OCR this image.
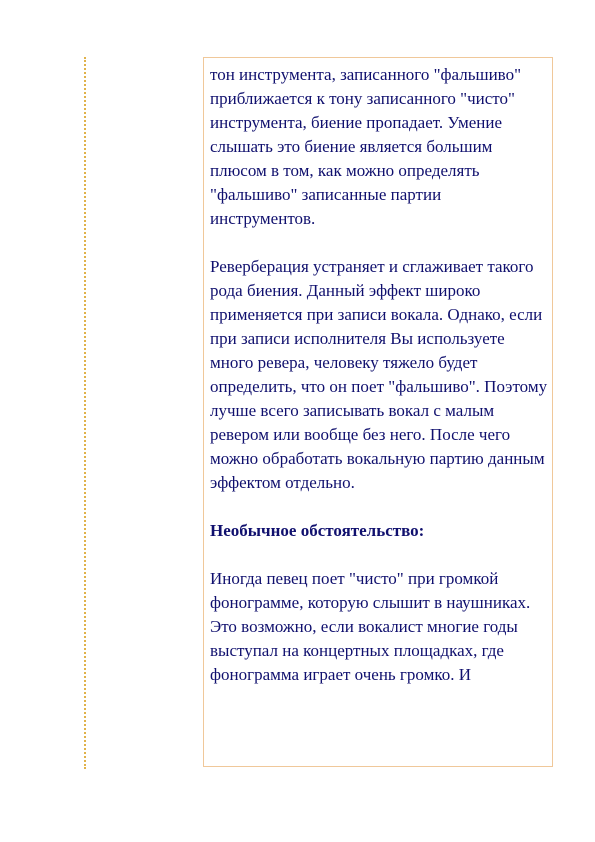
тон инструмента, записанного "фальшиво" приближается к тону записанного "чисто" инструмента, биение пропадает. Умение слышать это биение является большим плюсом в том, как можно определять "фальшиво" записанные партии инструментов.

Реверберация устраняет и сглаживает такого рода биения. Данный эффект широко применяется при записи вокала. Однако, если при записи исполнителя Вы используете много ревера, человеку тяжело будет определить, что он поет "фальшиво". Поэтому лучше всего записывать вокал с малым ревером или вообще без него. После чего можно обработать вокальную партию данным эффектом отдельно.

Необычное обстоятельство:

Иногда певец поет "чисто" при громкой фонограмме, которую слышит в наушниках. Это возможно, если вокалист многие годы выступал на концертных площадках, где фонограмма играет очень громко. И
